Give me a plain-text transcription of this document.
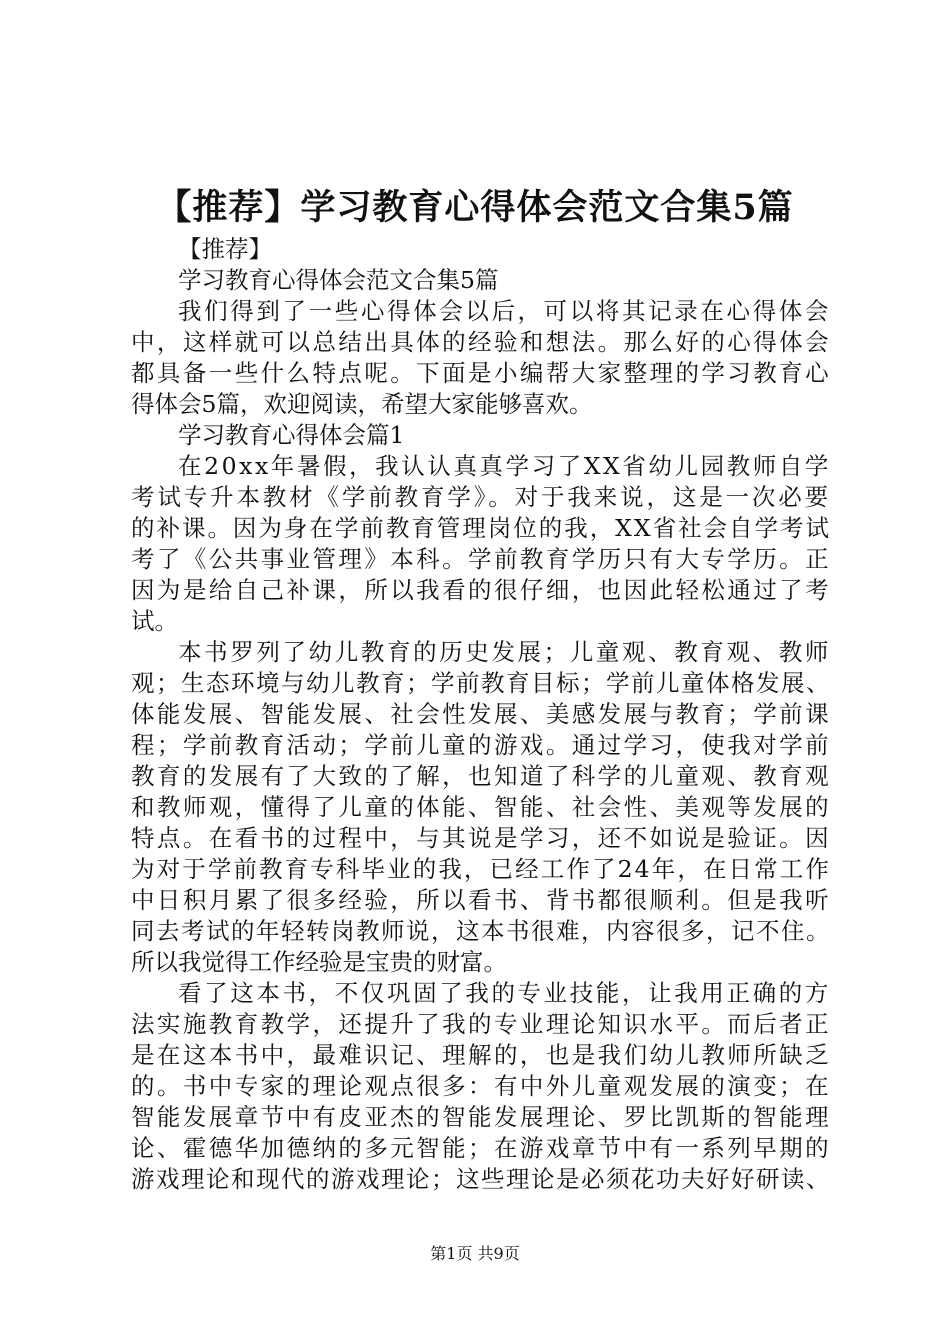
【推荐】学习教育心得体会范文合集5篇
【推荐】
学习教育心得体会范文合集5篇
我们得到了一些心得体会以后，可以将其记录在心得体会
中，这样就可以总结出具体的经验和想法。那么好的心得体会
都具备一些什么特点呢。下面是小编帮大家整理的学习教育心
得体会5篇，欢迎阅读，希望大家能够喜欢。
学习教育心得体会篇1
在20xx年暑假，我认认真真学习了XX省幼儿园教师自学
考试专升本教材《学前教育学》。对于我来说，这是一次必要
的补课。因为身在学前教育管理岗位的我，XX省社会自学考试
考了《公共事业管理》本科。学前教育学历只有大专学历。正
因为是给自己补课，所以我看的很仔细，也因此轻松通过了考
试。
本书罗列了幼儿教育的历史发展；儿童观、教育观、教师
观；生态环境与幼儿教育；学前教育目标；学前儿童体格发展、
体能发展、智能发展、社会性发展、美感发展与教育；学前课
程；学前教育活动；学前儿童的游戏。通过学习，使我对学前
教育的发展有了大致的了解，也知道了科学的儿童观、教育观
和教师观，懂得了儿童的体能、智能、社会性、美观等发展的
特点。在看书的过程中，与其说是学习，还不如说是验证。因
为对于学前教育专科毕业的我，已经工作了24年，在日常工作
中日积月累了很多经验，所以看书、背书都很顺利。但是我听
同去考试的年轻转岗教师说，这本书很难，内容很多，记不住。
所以我觉得工作经验是宝贵的财富。
看了这本书，不仅巩固了我的专业技能，让我用正确的方
法实施教育教学，还提升了我的专业理论知识水平。而后者正
是在这本书中，最难识记、理解的，也是我们幼儿教师所缺乏
的。书中专家的理论观点很多：有中外儿童观发展的演变；在
智能发展章节中有皮亚杰的智能发展理论、罗比凯斯的智能理
论、霍德华加德纳的多元智能；在游戏章节中有一系列早期的
游戏理论和现代的游戏理论；这些理论是必须花功夫好好研读、
第1页 共9页
